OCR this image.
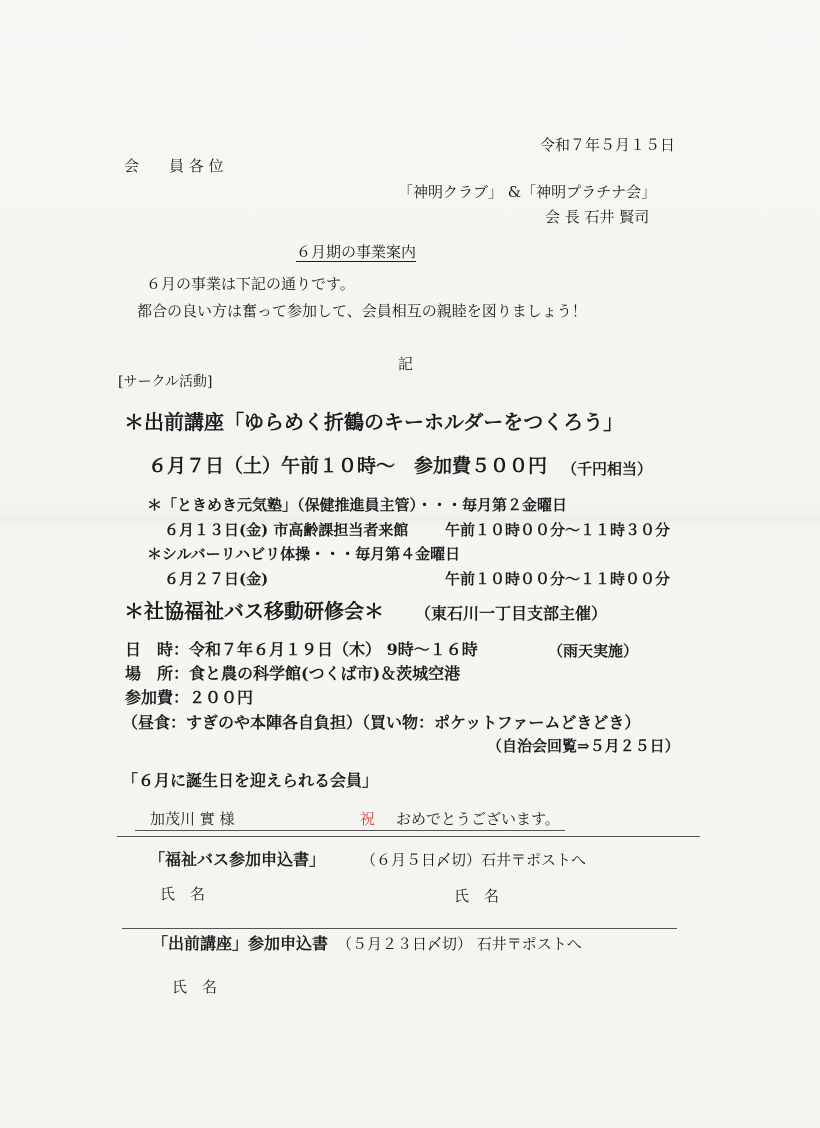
令和７年５月１５日
会　　員 各 位
「神明クラブ」 &「神明プラチナ会」
会 長 石井 賢司
６月期の事業案内
６月の事業は下記の通りです。
都合の良い方は奮って参加して、会員相互の親睦を図りましょう！
記
[サークル活動]
＊出前講座「ゆらめく折鶴のキーホルダーをつくろう」
６月７日（土）午前１０時～　参加費５００円 （千円相当）
＊「ときめき元気塾」（保健推進員主管）・・・毎月第２金曜日
６月１３日(金) 市高齢課担当者来館 午前１０時００分～１１時３０分
＊シルバーリハビリ体操・・・毎月第４金曜日
６月２７日(金)	午前１０時００分～１１時００分
＊社協福祉バス移動研修会＊ （東石川一丁目支部主催）
日　時：令和７年６月１９日（木） 9時～１６時	（雨天実施）
場　所：食と農の科学館(つくば市)＆茨城空港
参加費：２００円
（昼食：すぎのや本陣各自負担）（買い物：ポケットファームどきどき）
（自治会回覧⇒５月２５日）
「６月に誕生日を迎えられる会員」
加茂川 實 様	祝 おめでとうございます。
「福祉バス参加申込書」 （６月５日〆切）石井〒ポストへ
氏　名	氏　名
「出前講座」参加申込書 （５月２３日〆切） 石井〒ポストへ
氏　名
